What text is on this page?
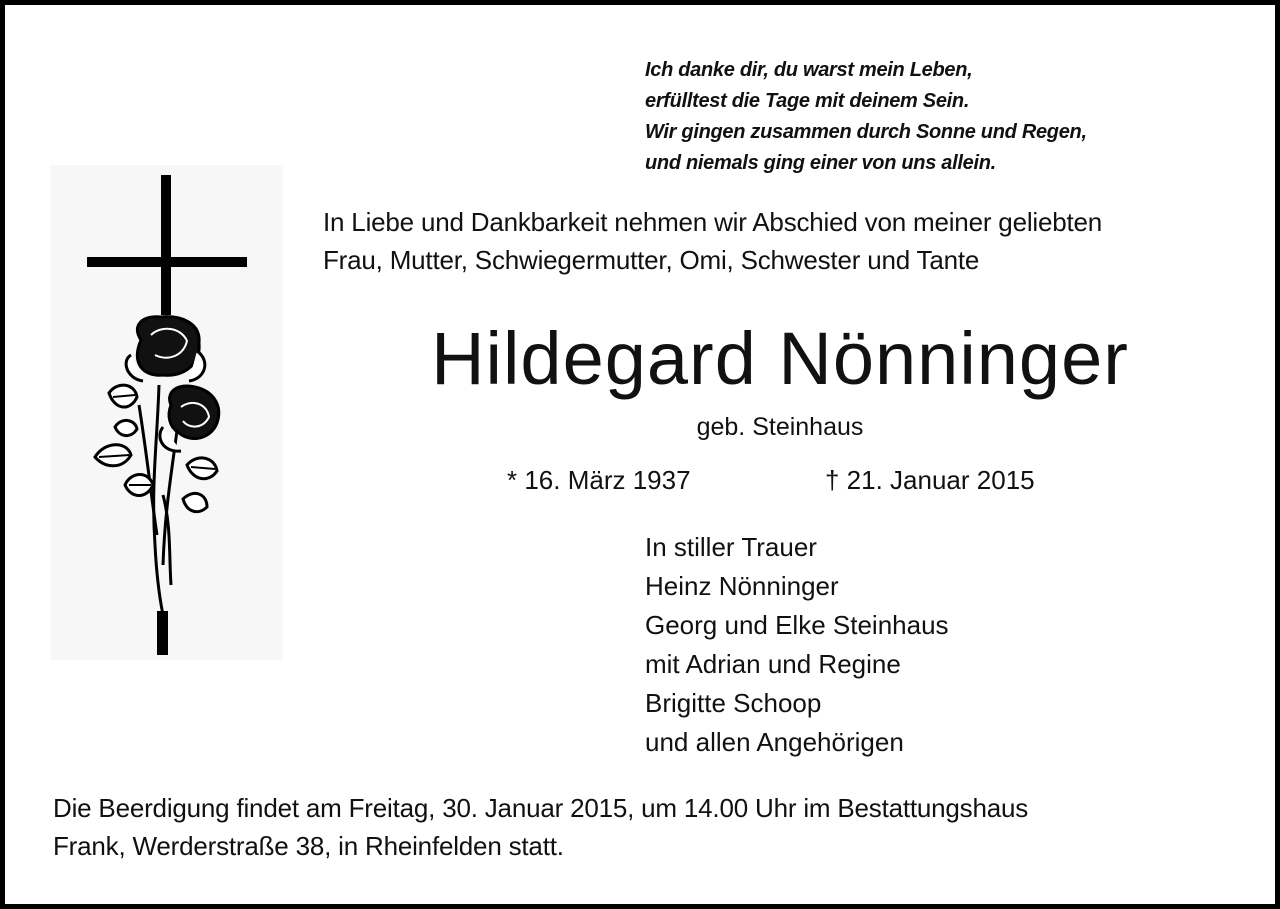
Ich danke dir, du warst mein Leben,
erfülltest die Tage mit deinem Sein.
Wir gingen zusammen durch Sonne und Regen,
und niemals ging einer von uns allein.
In Liebe und Dankbarkeit nehmen wir Abschied von meiner geliebten
Frau, Mutter, Schwiegermutter, Omi, Schwester und Tante
Hildegard Nönninger
geb. Steinhaus
* 16. März 1937	† 21. Januar 2015
In stiller Trauer
Heinz Nönninger
Georg und Elke Steinhaus
mit Adrian und Regine
Brigitte Schoop
und allen Angehörigen
Die Beerdigung findet am Freitag, 30. Januar 2015, um 14.00 Uhr im Bestattungshaus
Frank, Werderstraße 38, in Rheinfelden statt.
